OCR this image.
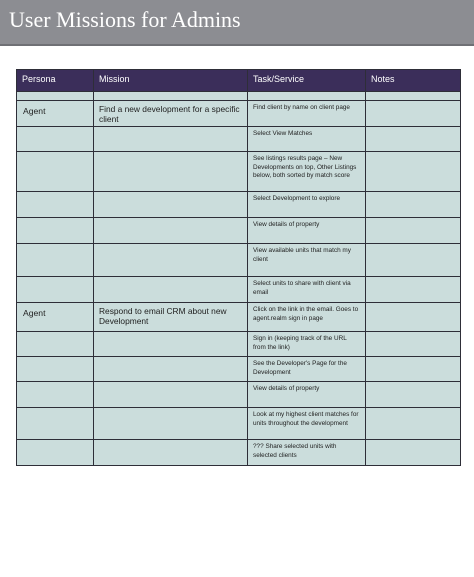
User Missions for Admins
Persona	Mission	Task/Service	Notes

Agent	Find a new development for a specific client	Find client by name on client page	
		Select View Matches	
		See listings results page – New Developments on top, Other Listings below, both sorted by match score	
		Select Development to explore	
		View details of property	
		View available units that match my client	
		Select units to share with client via email	
Agent	Respond to email CRM about new Development	Click on the link in the email. Goes to agent.realm sign in page	
		Sign in (keeping track of the URL from the link)	
		See the Developer's Page for the Development	
		View details of property	
		Look at my highest client matches for units throughout the development	
		??? Share selected units with selected clients	
